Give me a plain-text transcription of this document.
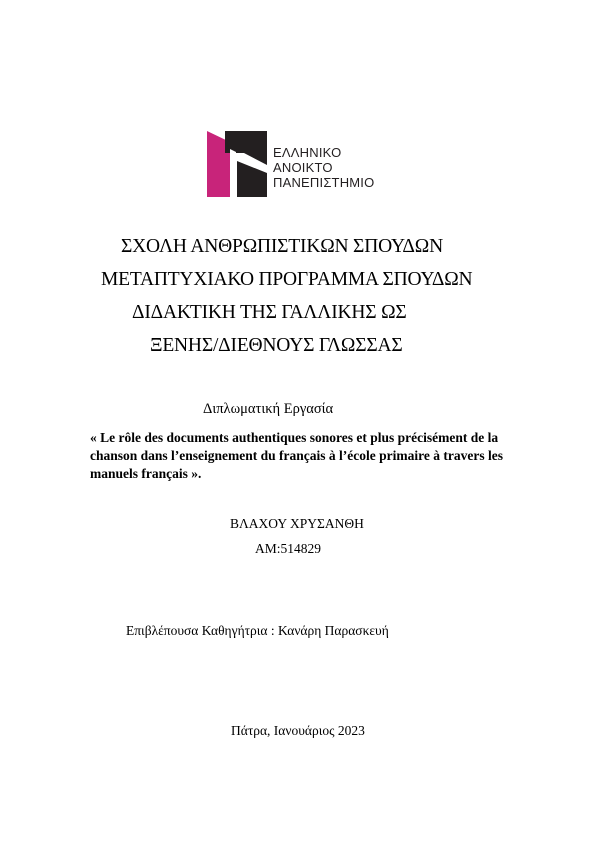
ΕΛΛΗΝΙΚΟ
ΑΝΟΙΚΤΟ
ΠΑΝΕΠΙΣΤΗΜΙΟ
ΣΧΟΛΗ ΑΝΘΡΩΠΙΣΤΙΚΩΝ ΣΠΟΥΔΩΝ
ΜΕΤΑΠΤΥΧΙΑΚΟ ΠΡΟΓΡΑΜΜΑ ΣΠΟΥΔΩΝ
ΔΙΔΑΚΤΙΚΗ ΤΗΣ ΓΑΛΛΙΚΗΣ ΩΣ
ΞΕΝΗΣ/ΔΙΕΘΝΟΥΣ ΓΛΩΣΣΑΣ
Διπλωματική Εργασία

« Le rôle des documents authentiques sonores et plus précisément de la chanson dans l’enseignement du français à l’école primaire à travers les manuels français ».

ΒΛΑΧΟΥ ΧΡΥΣΑΝΘΗ
ΑΜ:514829
Επιβλέπουσα Καθηγήτρια : Κανάρη Παρασκευή
Πάτρα, Ιανουάριος 2023
